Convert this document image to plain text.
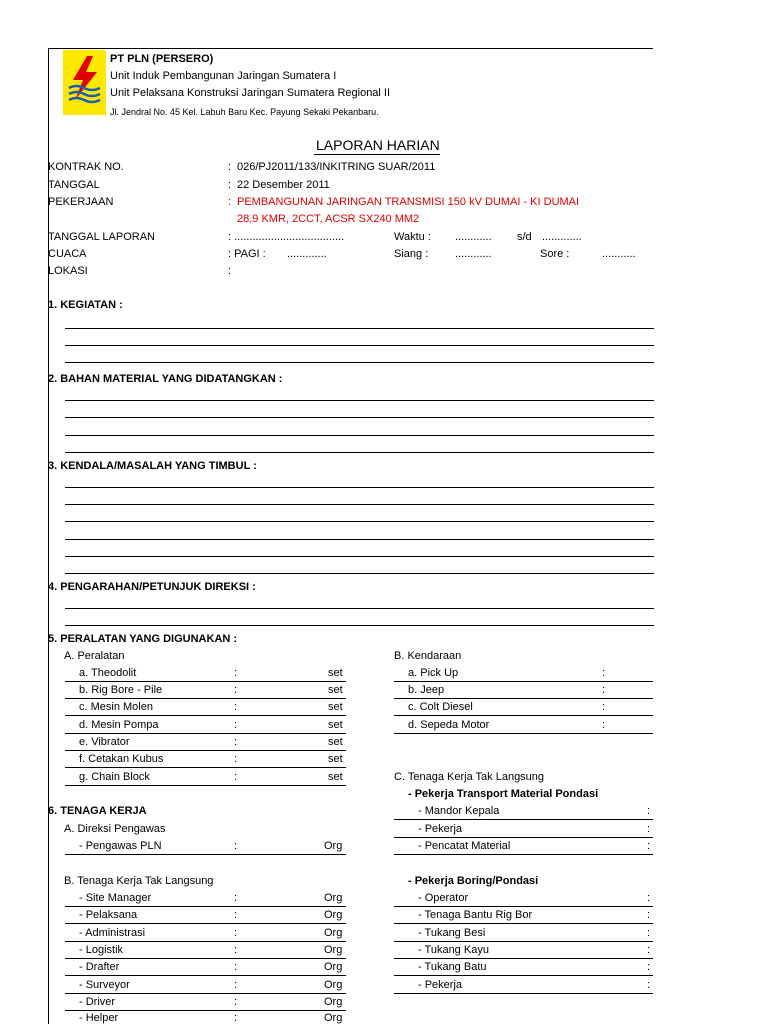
PT PLN (PERSERO)
Unit Induk Pembangunan Jaringan Sumatera I
Unit Pelaksana Konstruksi Jaringan Sumatera Regional II
Jl. Jendral No. 45 Kel. Labuh Baru Kec. Payung Sekaki Pekanbaru.
LAPORAN HARIAN
KONTRAK NO.	: 026/PJ2011/133/INKITRING SUAR/2011
TANGGAL	: 22 Desember 2011
PEKERJAAN	: PEMBANGUNAN JARINGAN TRANSMISI 150 kV DUMAI - KI DUMAI
28,9 KMR, 2CCT, ACSR SX240 MM2
TANGGAL LAPORAN	: ....................................	Waktu : ............ s/d .............
CUACA	: PAGI : .............	Siang : ............	Sore :	...........
LOKASI	:
1. KEGIATAN :
2. BAHAN MATERIAL YANG DIDATANGKAN :
3. KENDALA/MASALAH YANG TIMBUL :
4. PENGARAHAN/PETUNJUK DIREKSI :
5. PERALATAN YANG DIGUNAKAN :
A. Peralatan	B. Kendaraan
a. Theodolit	:	set
b. Rig Bore - Pile	:	set
c. Mesin Molen	:	set
d. Mesin Pompa	:	set
e. Vibrator	:	set
f. Cetakan Kubus	:	set
g. Chain Block	:	set
a. Pick Up	:
b. Jeep	:
c. Colt Diesel	:
d. Sepeda Motor	:
C. Tenaga Kerja Tak Langsung
- Pekerja Transport Material Pondasi
- Mandor Kepala	:
- Pekerja	:
- Pencatat Material	:
- Pekerja Boring/Pondasi
- Operator	:
- Tenaga Bantu Rig Bor	:
- Tukang Besi	:
- Tukang Kayu	:
- Tukang Batu	:
- Pekerja	:
6. TENAGA KERJA
A. Direksi Pengawas
- Pengawas PLN	:	Org
B. Tenaga Kerja Tak Langsung
- Site Manager	:	Org
- Pelaksana	:	Org
- Administrasi	:	Org
- Logistik	:	Org
- Drafter	:	Org
- Surveyor	:	Org
- Driver	:	Org
- Helper	:	Org
